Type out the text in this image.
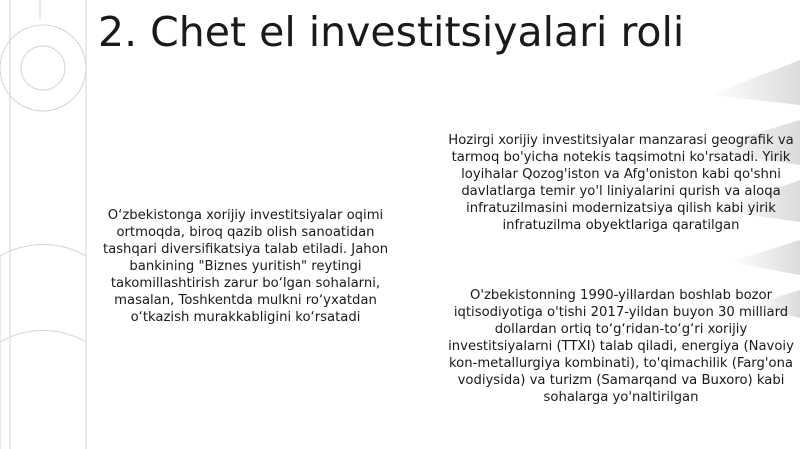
2. Chet el investitsiyalari roli

O‘zbekistonga xorijiy investitsiyalar oqimi ortmoqda, biroq qazib olish sanoatidan tashqari diversifikatsiya talab etiladi. Jahon bankining "Biznes yuritish" reytingi takomillashtirish zarur bo‘lgan sohalarni, masalan, Toshkentda mulkni ro‘yxatdan o‘tkazish murakkabligini ko‘rsatadi

Hozirgi xorijiy investitsiyalar manzarasi geografik va tarmoq bo'yicha notekis taqsimotni ko'rsatadi. Yirik loyihalar Qozog'iston va Afg'oniston kabi qo'shni davlatlarga temir yo'l liniyalarini qurish va aloqa infratuzilmasini modernizatsiya qilish kabi yirik infratuzilma obyektlariga qaratilgan

O'zbekistonning 1990-yillardan boshlab bozor iqtisodiyotiga o'tishi 2017-yildan buyon 30 milliard dollardan ortiq to‘g‘ridan-to‘g‘ri xorijiy investitsiyalarni (TTXI) talab qiladi, energiya (Navoiy kon-metallurgiya kombinati), to'qimachilik (Farg'ona vodiysida) va turizm (Samarqand va Buxoro) kabi sohalarga yo'naltirilgan
